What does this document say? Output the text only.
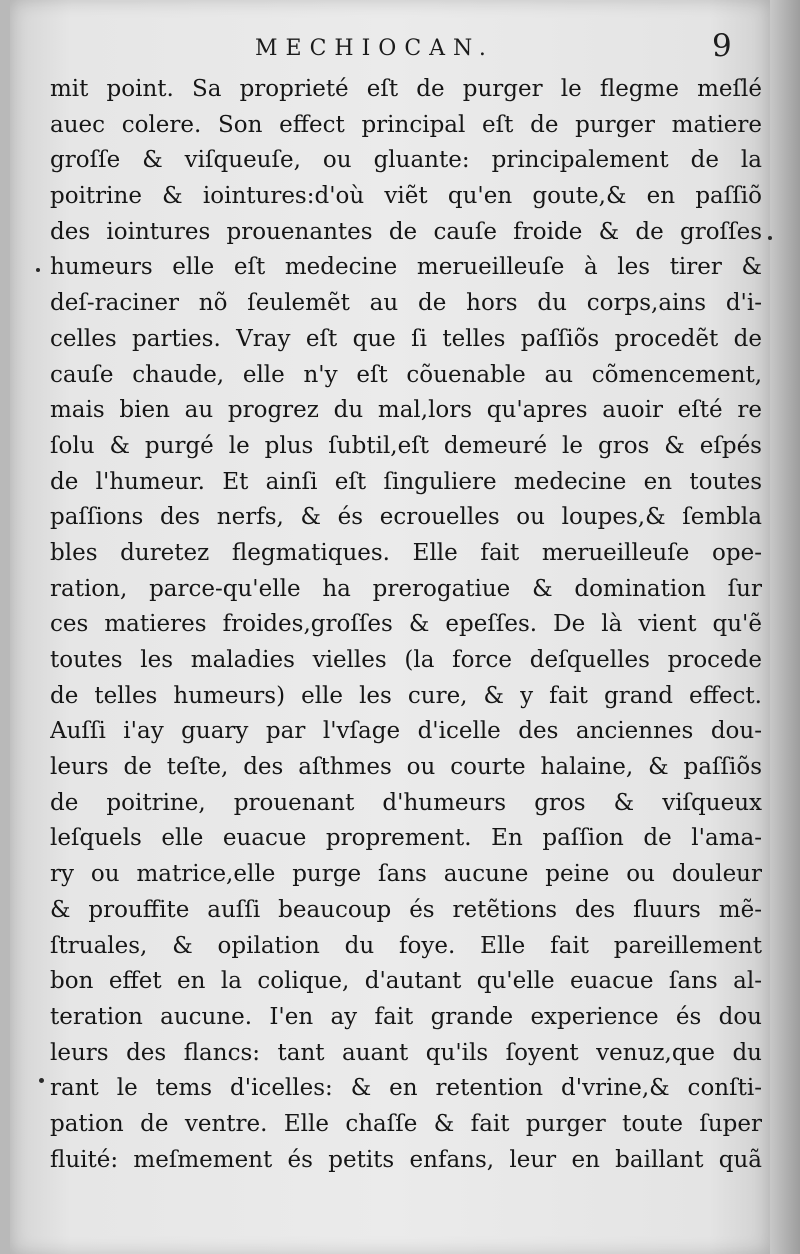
MECHIOCAN.	9
mit point. Sa proprieté eſt de purger le flegme meſlé
auec colere. Son effect principal eſt de purger matiere
groſſe & viſqueuſe, ou gluante: principalement de la
poitrine & iointures:d'où viẽt qu'en goute,& en paſſiõ
des iointures prouenantes de cauſe froide & de groſſes
humeurs elle eſt medecine merueilleuſe à les tirer &
deſ-raciner nõ ſeulemẽt au de hors du corps,ains d'i-
celles parties. Vray eſt que ſi telles paſſiõs procedẽt de
cauſe chaude, elle n'y eſt cõuenable au cõmencement,
mais bien au progrez du mal,lors qu'apres auoir eſté re
ſolu & purgé le plus ſubtil,eſt demeuré le gros & eſpés
de l'humeur. Et ainſi eſt ſinguliere medecine en toutes
paſſions des nerfs, & és ecrouelles ou loupes,& ſembla
bles duretez flegmatiques. Elle fait merueilleuſe ope-
ration, parce-qu'elle ha prerogatiue & domination ſur
ces matieres froides,groſſes & epeſſes. De là vient qu'ẽ
toutes les maladies vielles (la force deſquelles procede
de telles humeurs) elle les cure, & y fait grand effect.
Auſſi i'ay guary par l'vſage d'icelle des anciennes dou-
leurs de teſte, des aſthmes ou courte halaine, & paſſiõs
de poitrine, prouenant d'humeurs gros & viſqueux
leſquels elle euacue proprement. En paſſion de l'ama-
ry ou matrice,elle purge ſans aucune peine ou douleur
& prouffite auſſi beaucoup és retẽtions des fluurs mẽ-
ſtruales, & opilation du foye. Elle fait pareillement
bon effet en la colique, d'autant qu'elle euacue ſans al-
teration aucune. I'en ay fait grande experience és dou
leurs des flancs: tant auant qu'ils ſoyent venuz,que du
rant le tems d'icelles: & en retention d'vrine,& conſti-
pation de ventre. Elle chaſſe & fait purger toute ſuper
fluité: meſmement és petits enfans, leur en baillant quã
